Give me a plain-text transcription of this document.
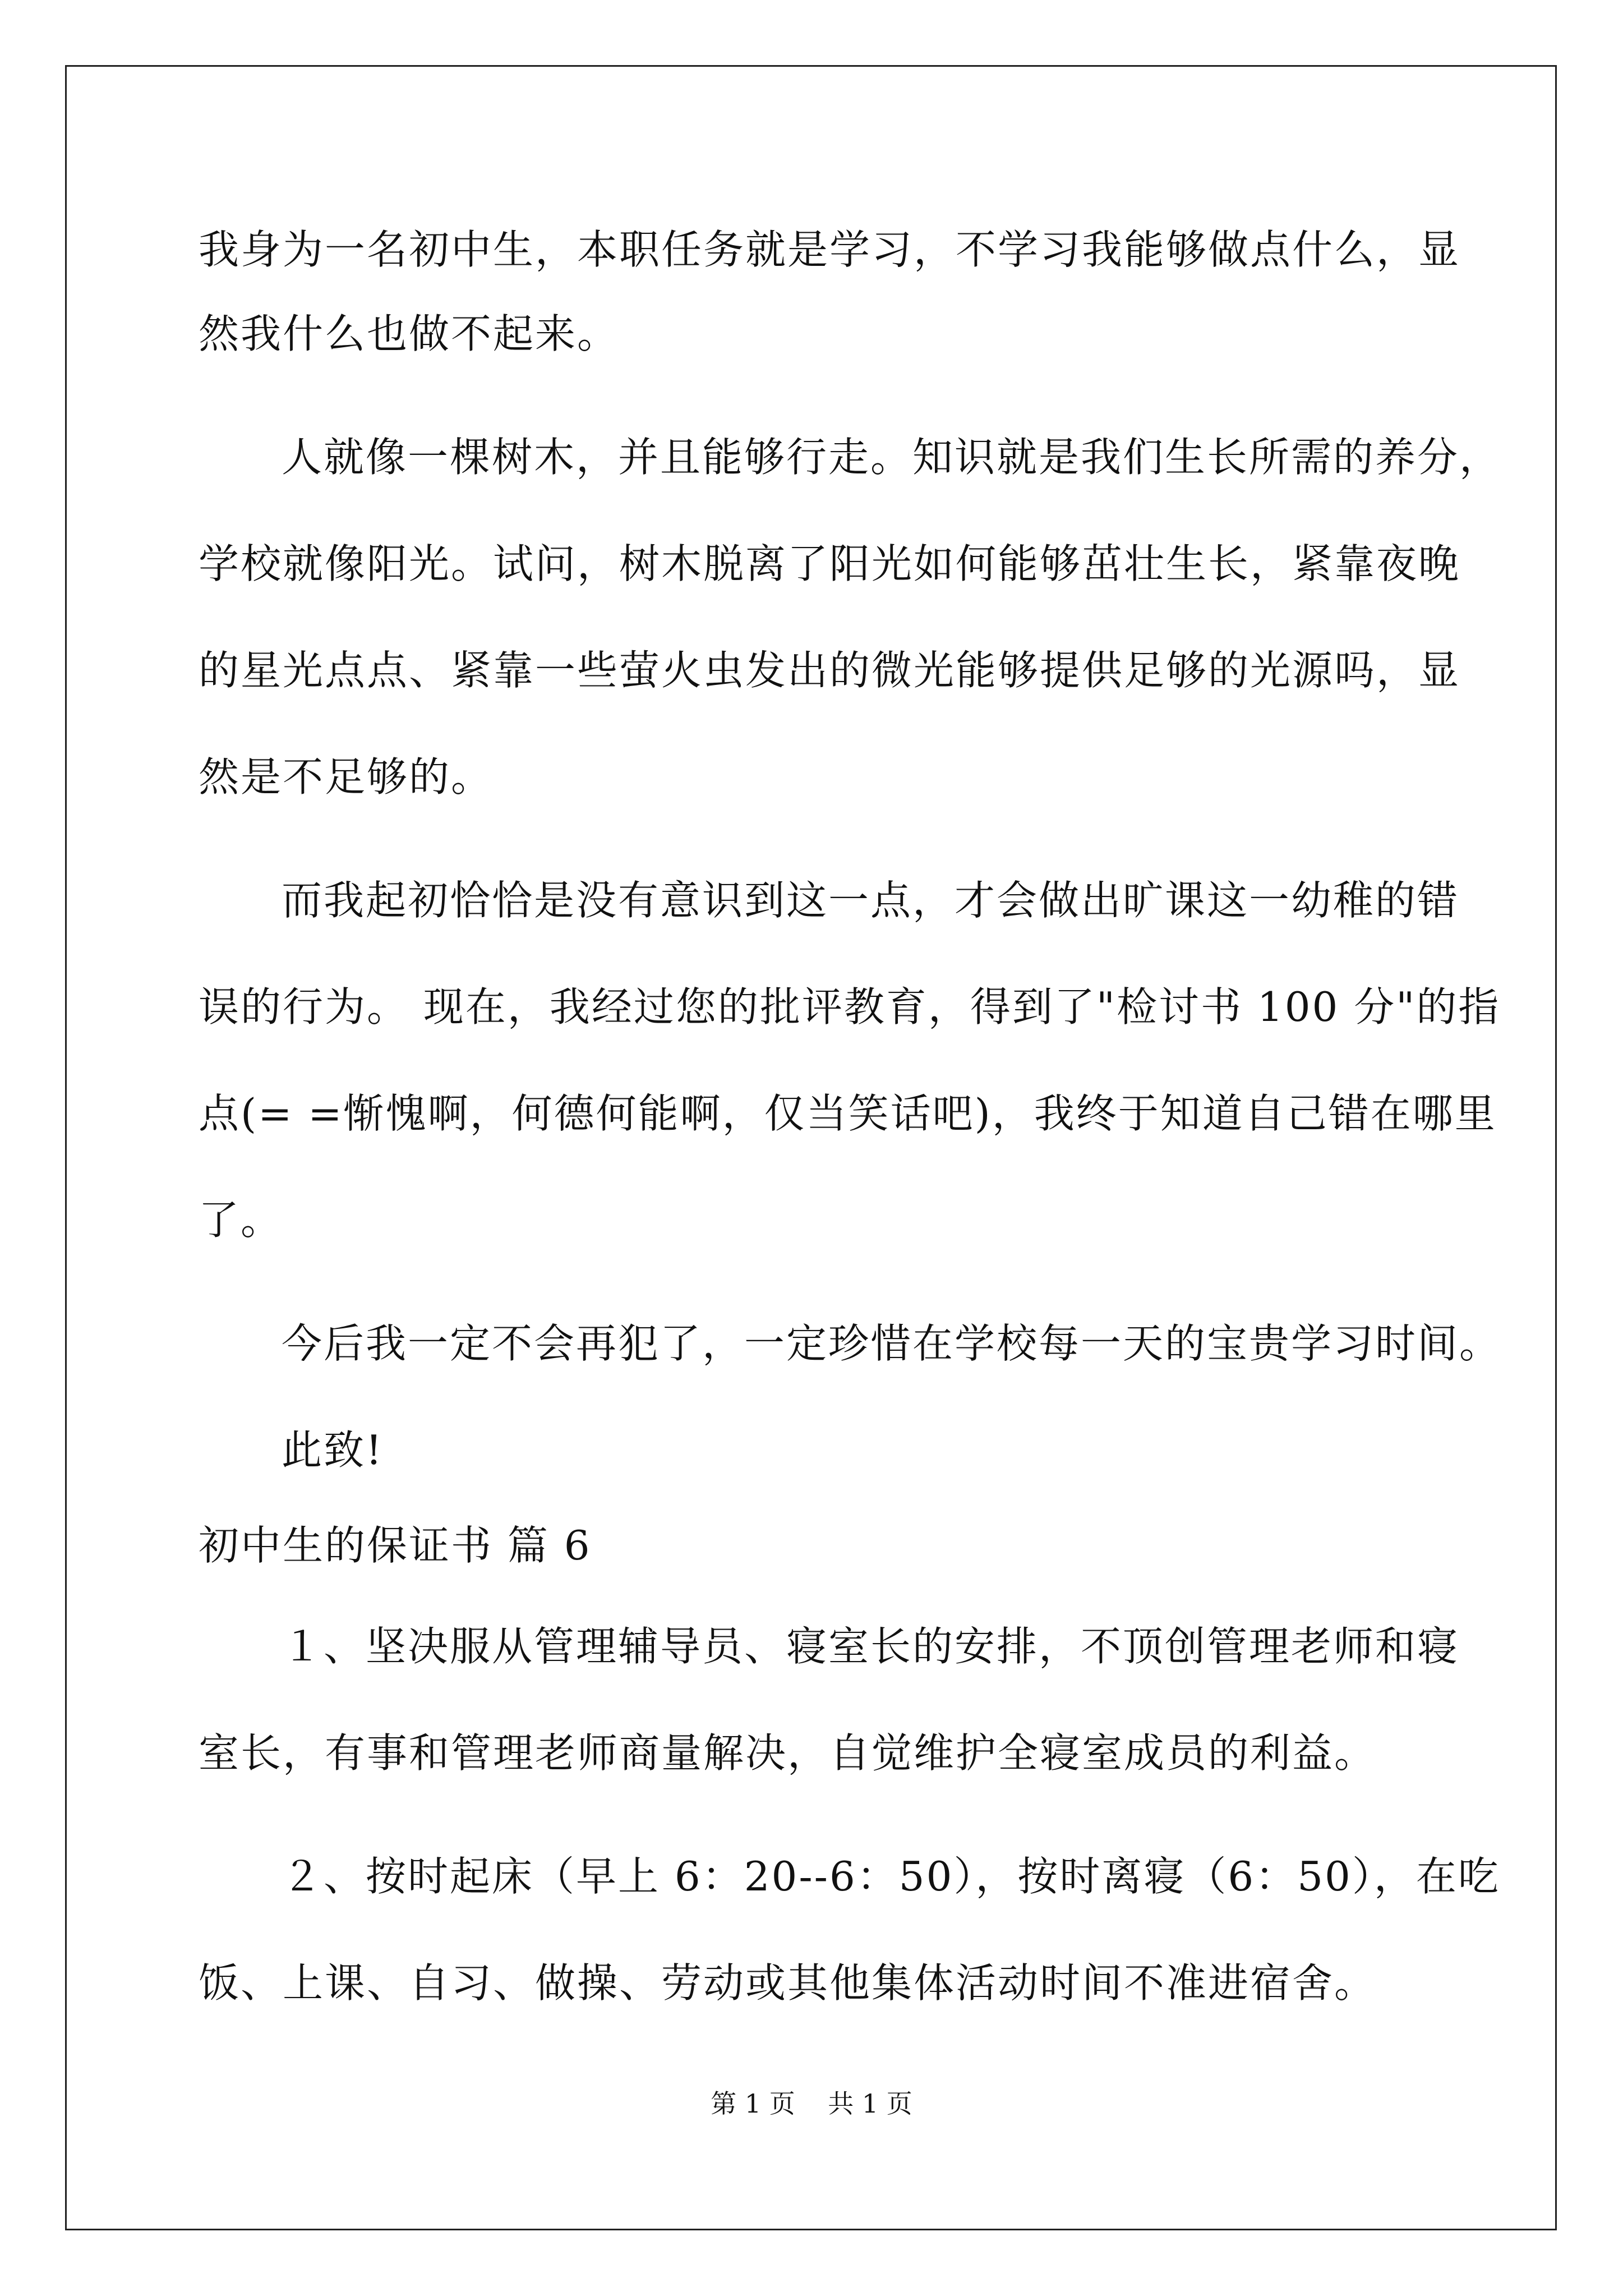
我身为一名初中生，本职任务就是学习，不学习我能够做点什么，显
然我什么也做不起来。
人就像一棵树木，并且能够行走。知识就是我们生长所需的养分，
学校就像阳光。试问，树木脱离了阳光如何能够茁壮生长，紧靠夜晚
的星光点点、紧靠一些萤火虫发出的微光能够提供足够的光源吗，显
然是不足够的。
而我起初恰恰是没有意识到这一点，才会做出旷课这一幼稚的错
误的行为。 现在，我经过您的批评教育，得到了"检讨书 100 分"的指
点(= =惭愧啊，何德何能啊，仅当笑话吧)，我终于知道自己错在哪里
了。
今后我一定不会再犯了，一定珍惜在学校每一天的宝贵学习时间。
此致!
初中生的保证书 篇 6
１、坚决服从管理辅导员、寝室长的安排，不顶创管理老师和寝
室长，有事和管理老师商量解决，自觉维护全寝室成员的利益。
２、按时起床（早上 6：20--6：50），按时离寝（6：50），在吃
饭、上课、自习、做操、劳动或其他集体活动时间不准进宿舍。
第 1 页    共 1 页
